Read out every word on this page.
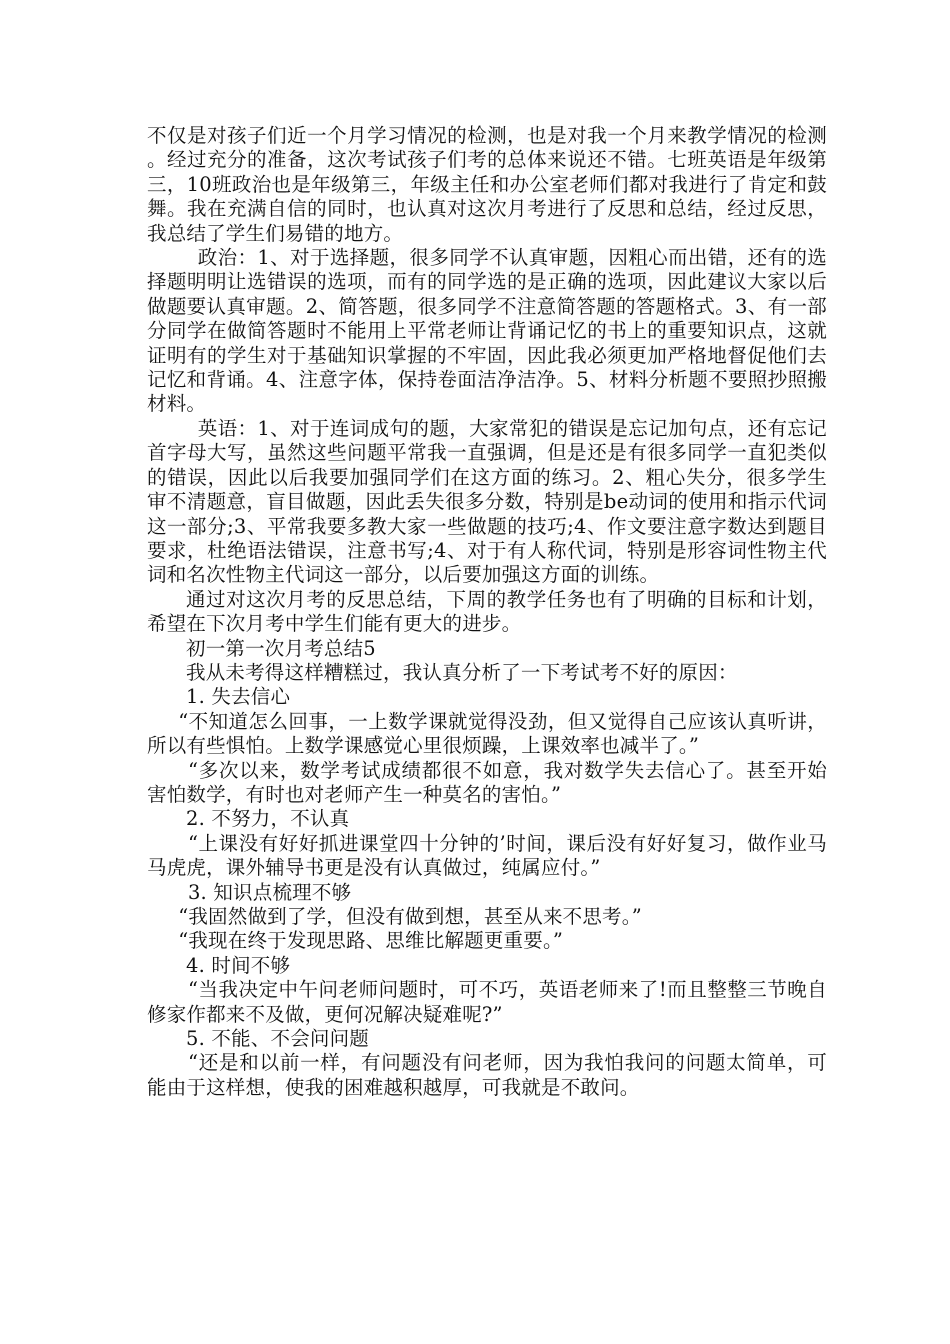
不仅是对孩子们近一个月学习情况的检测，也是对我一个月来教学情况的检测。经过充分的准备，这次考试孩子们考的总体来说还不错。七班英语是年级第三，10班政治也是年级第三，年级主任和办公室老师们都对我进行了肯定和鼓舞。我在充满自信的同时，也认真对这次月考进行了反思和总结，经过反思，我总结了学生们易错的地方。

政治：1、对于选择题，很多同学不认真审题，因粗心而出错，还有的选择题明明让选错误的选项，而有的同学选的是正确的选项，因此建议大家以后做题要认真审题。2、简答题，很多同学不注意简答题的答题格式。3、有一部分同学在做简答题时不能用上平常老师让背诵记忆的书上的重要知识点，这就证明有的学生对于基础知识掌握的不牢固，因此我必须更加严格地督促他们去记忆和背诵。4、注意字体，保持卷面洁净洁净。5、材料分析题不要照抄照搬材料。

英语：1、对于连词成句的题，大家常犯的错误是忘记加句点，还有忘记首字母大写，虽然这些问题平常我一直强调，但是还是有很多同学一直犯类似的错误，因此以后我要加强同学们在这方面的练习。2、粗心失分，很多学生审不清题意，盲目做题，因此丢失很多分数，特别是be动词的使用和指示代词这一部分;3、平常我要多教大家一些做题的技巧;4、作文要注意字数达到题目要求，杜绝语法错误，注意书写;4、对于有人称代词，特别是形容词性物主代词和名次性物主代词这一部分，以后要加强这方面的训练。

通过对这次月考的反思总结，下周的教学任务也有了明确的目标和计划，希望在下次月考中学生们能有更大的进步。

初一第一次月考总结5

我从未考得这样糟糕过，我认真分析了一下考试考不好的原因：

1. 失去信心

“不知道怎么回事，一上数学课就觉得没劲，但又觉得自己应该认真听讲，所以有些惧怕。上数学课感觉心里很烦躁，上课效率也减半了。”

“多次以来，数学考试成绩都很不如意，我对数学失去信心了。甚至开始害怕数学，有时也对老师产生一种莫名的害怕。”

2. 不努力，不认真

“上课没有好好抓进课堂四十分钟的’时间，课后没有好好复习，做作业马马虎虎，课外辅导书更是没有认真做过，纯属应付。”

3. 知识点梳理不够

“我固然做到了学，但没有做到想，甚至从来不思考。”

“我现在终于发现思路、思维比解题更重要。”

4. 时间不够

“当我决定中午问老师问题时，可不巧，英语老师来了!而且整整三节晚自修家作都来不及做，更何况解决疑难呢?”

5. 不能、不会问问题

“还是和以前一样，有问题没有问老师，因为我怕我问的问题太简单，可能由于这样想，使我的困难越积越厚，可我就是不敢问。
